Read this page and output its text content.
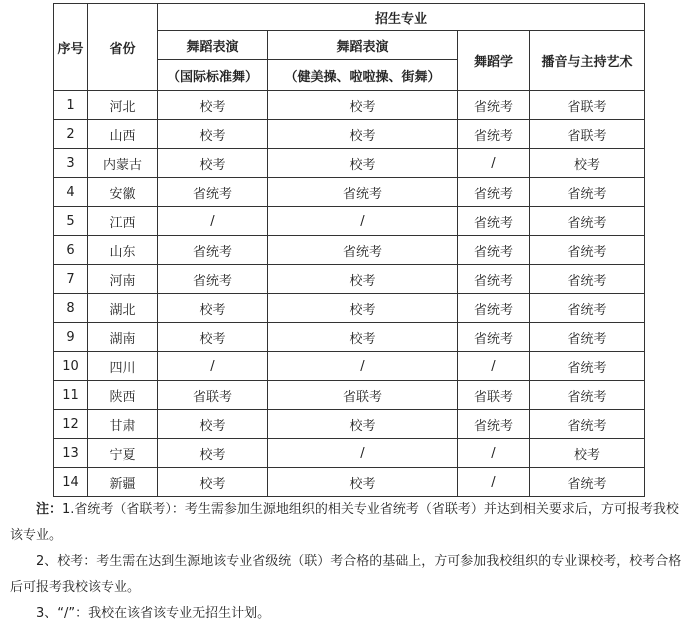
序号	省份	招生专业			
		舞蹈表演	舞蹈表演	舞蹈学	播音与主持艺术
		（国际标准舞）	（健美操、啦啦操、街舞）		
1	河北	校考	校考	省统考	省联考
2	山西	校考	校考	省统考	省联考
3	内蒙古	校考	校考	/	校考
4	安徽	省统考	省统考	省统考	省统考
5	江西	/	/	省统考	省统考
6	山东	省统考	省统考	省统考	省统考
7	河南	省统考	校考	省统考	省统考
8	湖北	校考	校考	省统考	省统考
9	湖南	校考	校考	省统考	省统考
10	四川	/	/	/	省统考
11	陕西	省联考	省联考	省联考	省统考
12	甘肃	校考	校考	省统考	省统考
13	宁夏	校考	/	/	校考
14	新疆	校考	校考	/	省统考

注：1.省统考（省联考）：考生需参加生源地组织的相关专业省统考（省联考）并达到相关要求后，方可报考我校该专业。

2、校考：考生需在达到生源地该专业省级统（联）考合格的基础上，方可参加我校组织的专业课校考，校考合格后可报考我校该专业。

3、“/”：我校在该省该专业无招生计划。
